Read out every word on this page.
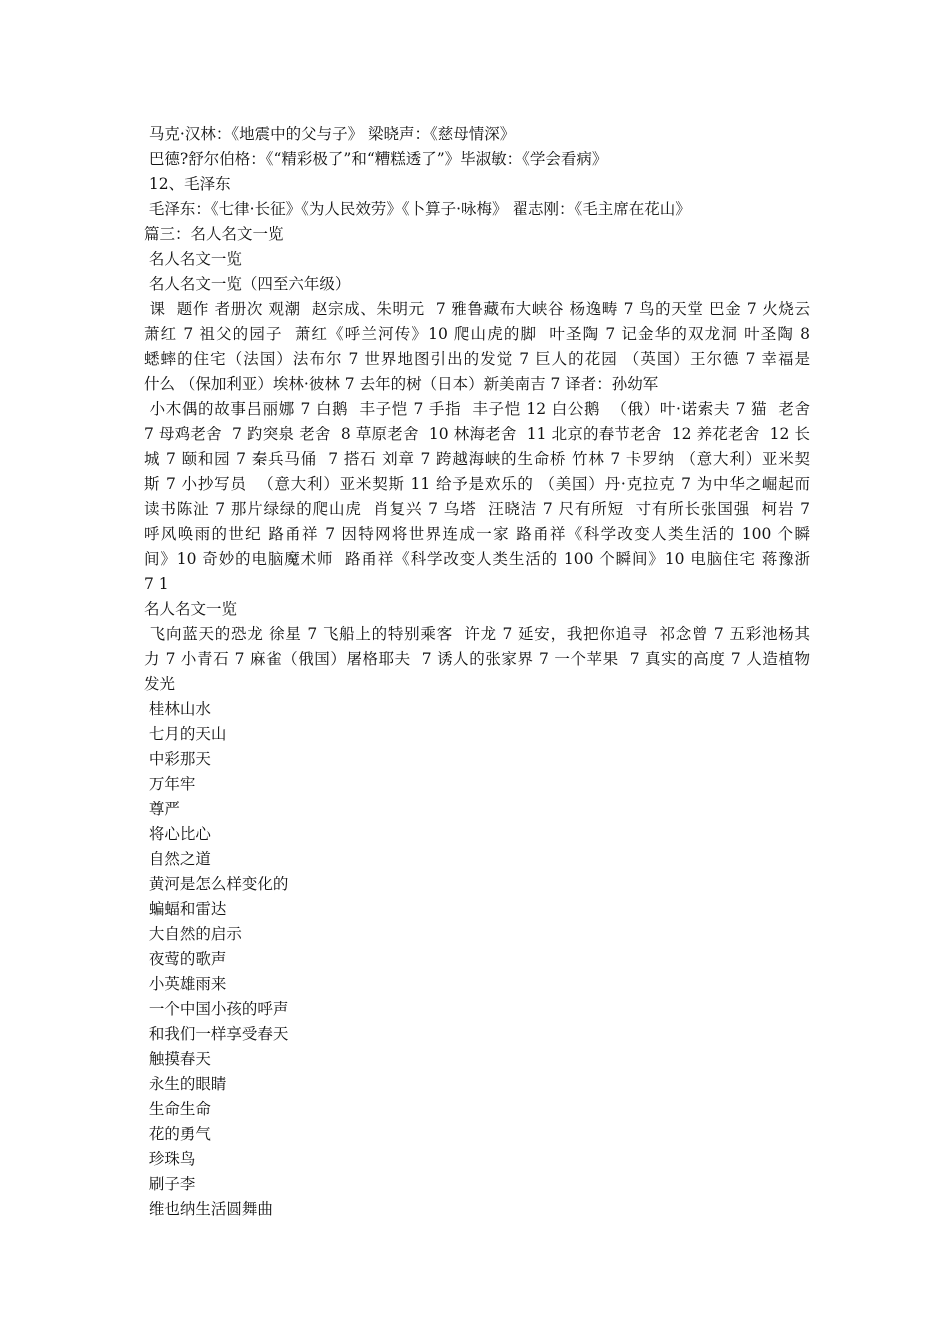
马克·汉林：《地震中的父与子》 梁晓声：《慈母情深》
巴德?舒尔伯格：《“精彩极了”和“糟糕透了”》毕淑敏：《学会看病》
12、毛泽东
毛泽东：《七律·长征》《为人民效劳》《卜算子·咏梅》 翟志刚：《毛主席在花山》
篇三：名人名文一览
名人名文一览
名人名文一览（四至六年级）
课  题作 者册次 观潮  赵宗成、朱明元  7 雅鲁藏布大峡谷 杨逸畴 7 鸟的天堂 巴金 7 火烧云
萧红 7 祖父的园子  萧红《呼兰河传》10 爬山虎的脚  叶圣陶 7 记金华的双龙洞 叶圣陶 8
蟋蟀的住宅（法国）法布尔 7 世界地图引出的发觉 7 巨人的花园 （英国）王尔德 7 幸福是
什么 （保加利亚）埃林·彼林 7 去年的树（日本）新美南吉 7 译者：孙幼军
小木偶的故事吕丽娜 7 白鹅  丰子恺 7 手指  丰子恺 12 白公鹅  （俄）叶·诺索夫 7 猫  老舍
7 母鸡老舍  7 趵突泉 老舍  8 草原老舍  10 林海老舍  11 北京的春节老舍  12 养花老舍  12 长
城 7 颐和园 7 秦兵马俑  7 搭石 刘章 7 跨越海峡的生命桥 竹林 7 卡罗纳 （意大利）亚米契
斯 7 小抄写员  （意大利）亚米契斯 11 给予是欢乐的 （美国）丹·克拉克 7 为中华之崛起而
读书陈沚 7 那片绿绿的爬山虎  肖复兴 7 乌塔  汪晓洁 7 尺有所短  寸有所长张国强  柯岩 7
呼风唤雨的世纪 路甬祥 7 因特网将世界连成一家 路甬祥《科学改变人类生活的 100 个瞬
间》10 奇妙的电脑魔术师  路甬祥《科学改变人类生活的 100 个瞬间》10 电脑住宅 蒋豫浙
7 1
名人名文一览
飞向蓝天的恐龙 徐星 7 飞船上的特别乘客  许龙 7 延安，我把你追寻  祁念曾 7 五彩池杨其
力 7 小青石 7 麻雀（俄国）屠格耶夫  7 诱人的张家界 7 一个苹果  7 真实的高度 7 人造植物
发光
桂林山水
七月的天山
中彩那天
万年牢
尊严
将心比心
自然之道
黄河是怎么样变化的
蝙蝠和雷达
大自然的启示
夜莺的歌声
小英雄雨来
一个中国小孩的呼声
和我们一样享受春天
触摸春天
永生的眼睛
生命生命
花的勇气
珍珠鸟
刷子李
维也纳生活圆舞曲
